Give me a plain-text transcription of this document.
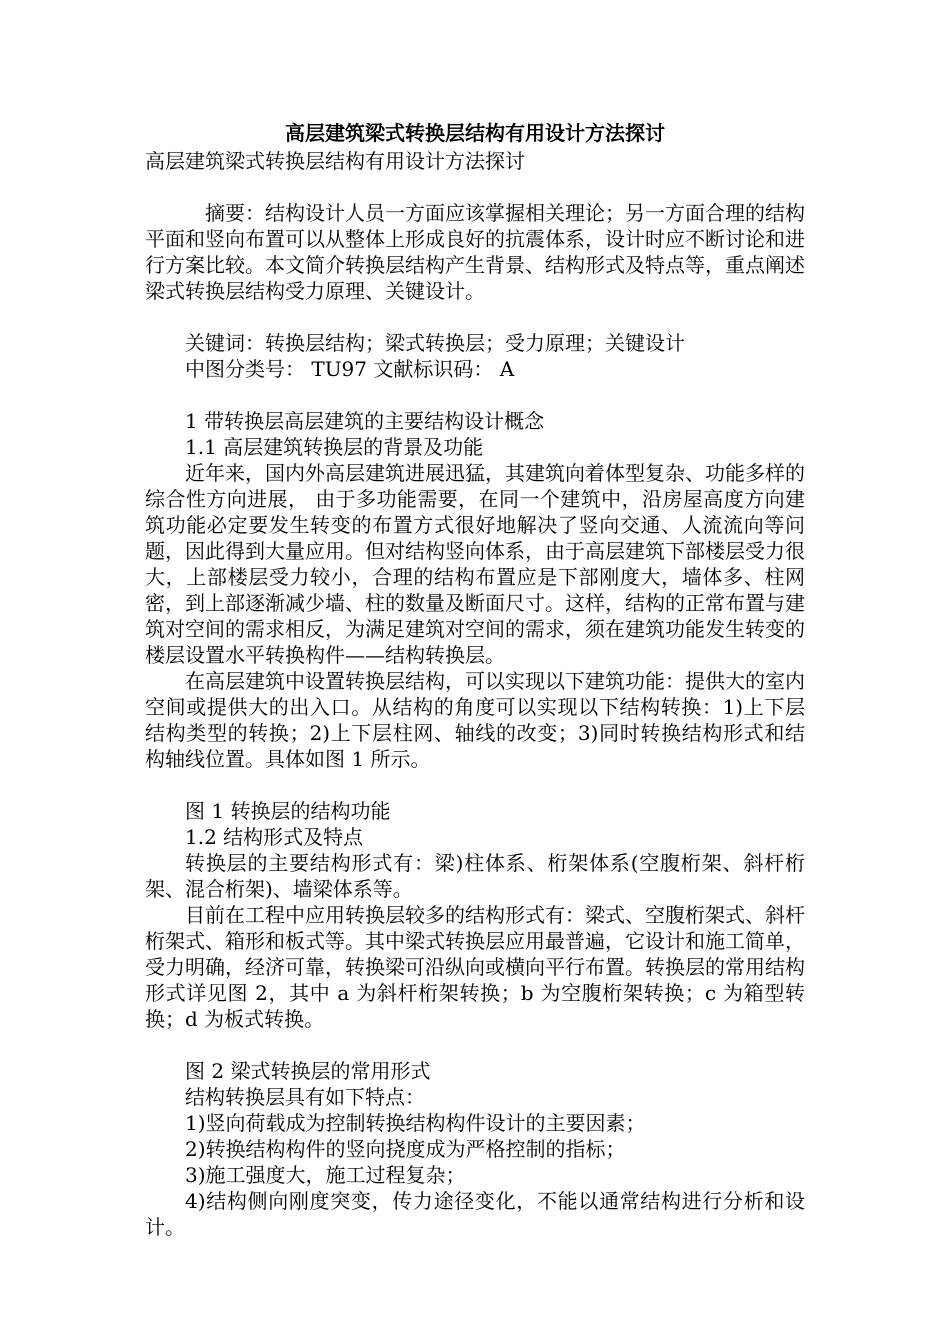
高层建筑梁式转换层结构有用设计方法探讨

高层建筑梁式转换层结构有用设计方法探讨

摘要：结构设计人员一方面应该掌握相关理论；另一方面合理的结构平面和竖向布置可以从整体上形成良好的抗震体系，设计时应不断讨论和进行方案比较。本文简介转换层结构产生背景、结构形式及特点等，重点阐述梁式转换层结构受力原理、关键设计。

关键词：转换层结构；梁式转换层；受力原理；关键设计

中图分类号： TU97 文献标识码： A

1 带转换层高层建筑的主要结构设计概念

1.1 高层建筑转换层的背景及功能

近年来，国内外高层建筑进展迅猛，其建筑向着体型复杂、功能多样的综合性方向进展， 由于多功能需要，在同一个建筑中，沿房屋高度方向建筑功能必定要发生转变的布置方式很好地解决了竖向交通、人流流向等问题，因此得到大量应用。但对结构竖向体系，由于高层建筑下部楼层受力很大，上部楼层受力较小，合理的结构布置应是下部刚度大，墙体多、柱网密，到上部逐渐减少墙、柱的数量及断面尺寸。这样，结构的正常布置与建筑对空间的需求相反，为满足建筑对空间的需求，须在建筑功能发生转变的楼层设置水平转换构件——结构转换层。

在高层建筑中设置转换层结构，可以实现以下建筑功能：提供大的室内空间或提供大的出入口。从结构的角度可以实现以下结构转换：1)上下层结构类型的转换；2)上下层柱网、轴线的改变；3)同时转换结构形式和结构轴线位置。具体如图 1 所示。

图 1 转换层的结构功能

1.2 结构形式及特点

转换层的主要结构形式有：梁)柱体系、桁架体系(空腹桁架、斜杆桁架、混合桁架)、墙梁体系等。

目前在工程中应用转换层较多的结构形式有：梁式、空腹桁架式、斜杆桁架式、箱形和板式等。其中梁式转换层应用最普遍，它设计和施工简单，受力明确，经济可靠，转换梁可沿纵向或横向平行布置。转换层的常用结构形式详见图 2，其中 a 为斜杆桁架转换；b 为空腹桁架转换；c 为箱型转换；d 为板式转换。

图 2 梁式转换层的常用形式

结构转换层具有如下特点：

1)竖向荷载成为控制转换结构构件设计的主要因素；

2)转换结构构件的竖向挠度成为严格控制的指标；

3)施工强度大，施工过程复杂；

4)结构侧向刚度突变，传力途径变化，不能以通常结构进行分析和设计。
